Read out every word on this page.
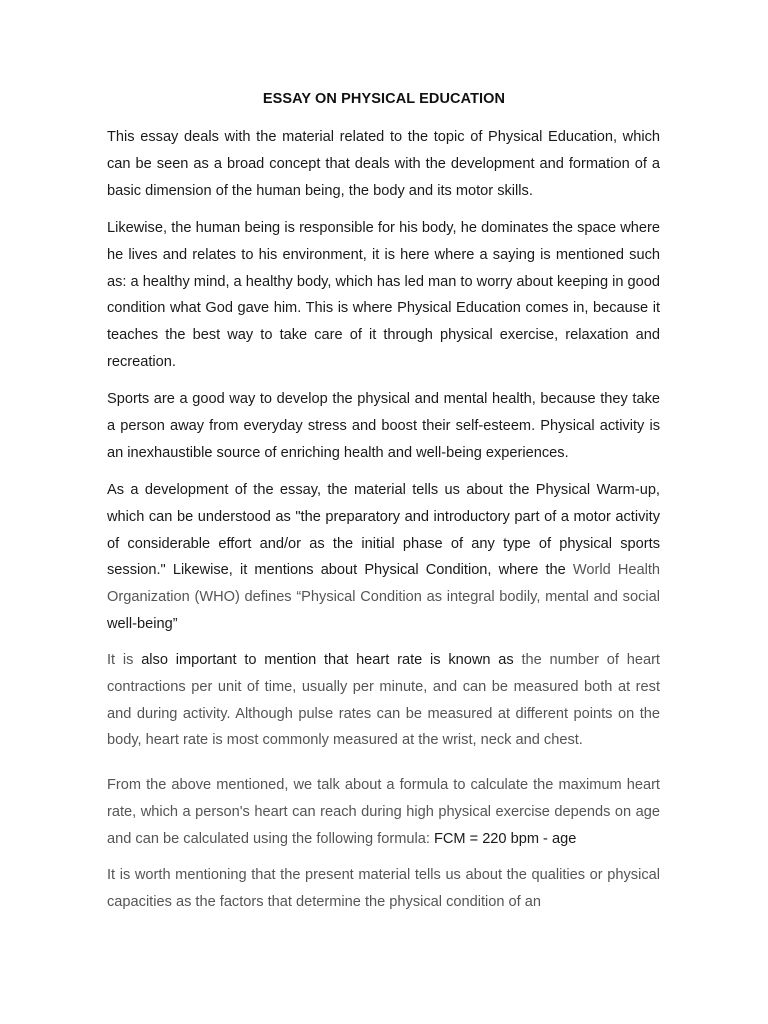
ESSAY ON PHYSICAL EDUCATION

This essay deals with the material related to the topic of Physical Education, which can be seen as a broad concept that deals with the development and formation of a basic dimension of the human being, the body and its motor skills.

Likewise, the human being is responsible for his body, he dominates the space where he lives and relates to his environment, it is here where a saying is mentioned such as: a healthy mind, a healthy body, which has led man to worry about keeping in good condition what God gave him. This is where Physical Education comes in, because it teaches the best way to take care of it through physical exercise, relaxation and recreation.

Sports are a good way to develop the physical and mental health, because they take a person away from everyday stress and boost their self-esteem. Physical activity is an inexhaustible source of enriching health and well-being experiences.

As a development of the essay, the material tells us about the Physical Warm-up, which can be understood as "the preparatory and introductory part of a motor activity of considerable effort and/or as the initial phase of any type of physical sports session." Likewise, it mentions about Physical Condition, where the World Health Organization (WHO) defines “Physical Condition as integral bodily, mental and social well-being”

It is also important to mention that heart rate is known as the number of heart contractions per unit of time, usually per minute, and can be measured both at rest and during activity. Although pulse rates can be measured at different points on the body, heart rate is most commonly measured at the wrist, neck and chest.

From the above mentioned, we talk about a formula to calculate the maximum heart rate, which a person's heart can reach during high physical exercise depends on age and can be calculated using the following formula: FCM = 220 bpm - age

It is worth mentioning that the present material tells us about the qualities or physical capacities as the factors that determine the physical condition of an
